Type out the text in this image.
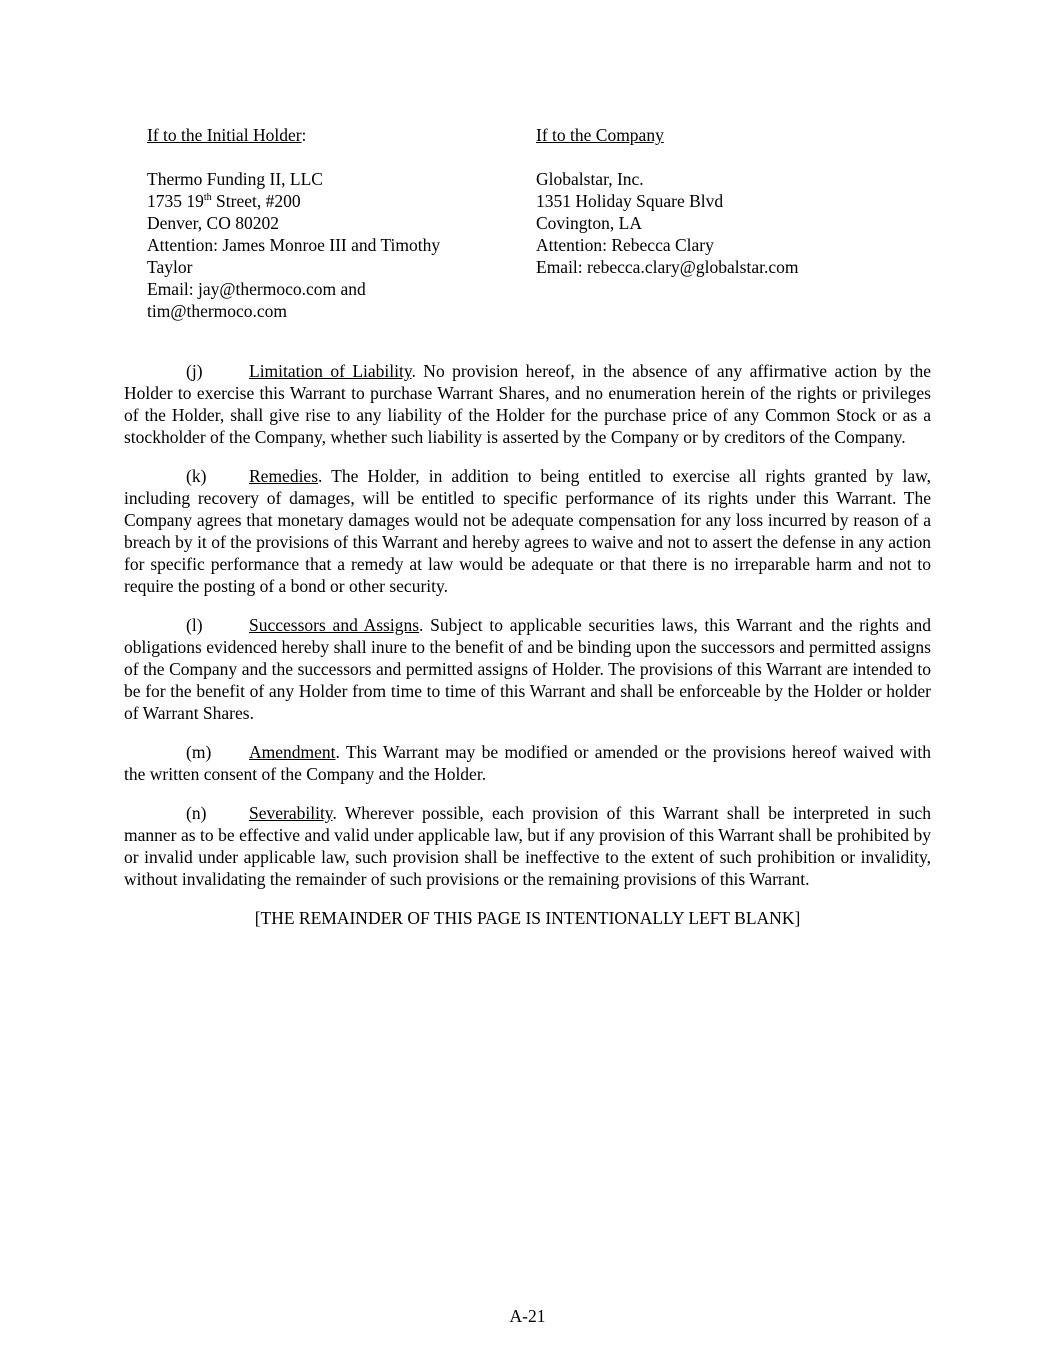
If to the Initial Holder:
Thermo Funding II, LLC
1735 19th Street, #200
Denver, CO 80202
Attention: James Monroe III and Timothy
Taylor
Email: jay@thermoco.com and
tim@thermoco.com
If to the Company
Globalstar, Inc.
1351 Holiday Square Blvd
Covington, LA
Attention: Rebecca Clary
Email: rebecca.clary@globalstar.com

(j)	Limitation of Liability. No provision hereof, in the absence of any affirmative action by the Holder to exercise this Warrant to purchase Warrant Shares, and no enumeration herein of the rights or privileges of the Holder, shall give rise to any liability of the Holder for the purchase price of any Common Stock or as a stockholder of the Company, whether such liability is asserted by the Company or by creditors of the Company.

(k) Remedies. The Holder, in addition to being entitled to exercise all rights granted by law, including recovery of damages, will be entitled to specific performance of its rights under this Warrant. The Company agrees that monetary damages would not be adequate compensation for any loss incurred by reason of a breach by it of the provisions of this Warrant and hereby agrees to waive and not to assert the defense in any action for specific performance that a remedy at law would be adequate or that there is no irreparable harm and not to require the posting of a bond or other security.

(l)	Successors and Assigns. Subject to applicable securities laws, this Warrant and the rights and obligations evidenced hereby shall inure to the benefit of and be binding upon the successors and permitted assigns of the Company and the successors and permitted assigns of Holder. The provisions of this Warrant are intended to be for the benefit of any Holder from time to time of this Warrant and shall be enforceable by the Holder or holder of Warrant Shares.

(m) Amendment. This Warrant may be modified or amended or the provisions hereof waived with the written consent of the Company and the Holder.

(n) Severability. Wherever possible, each provision of this Warrant shall be interpreted in such manner as to be effective and valid under applicable law, but if any provision of this Warrant shall be prohibited by or invalid under applicable law, such provision shall be ineffective to the extent of such prohibition or invalidity, without invalidating the remainder of such provisions or the remaining provisions of this Warrant.

[THE REMAINDER OF THIS PAGE IS INTENTIONALLY LEFT BLANK]

A-21
